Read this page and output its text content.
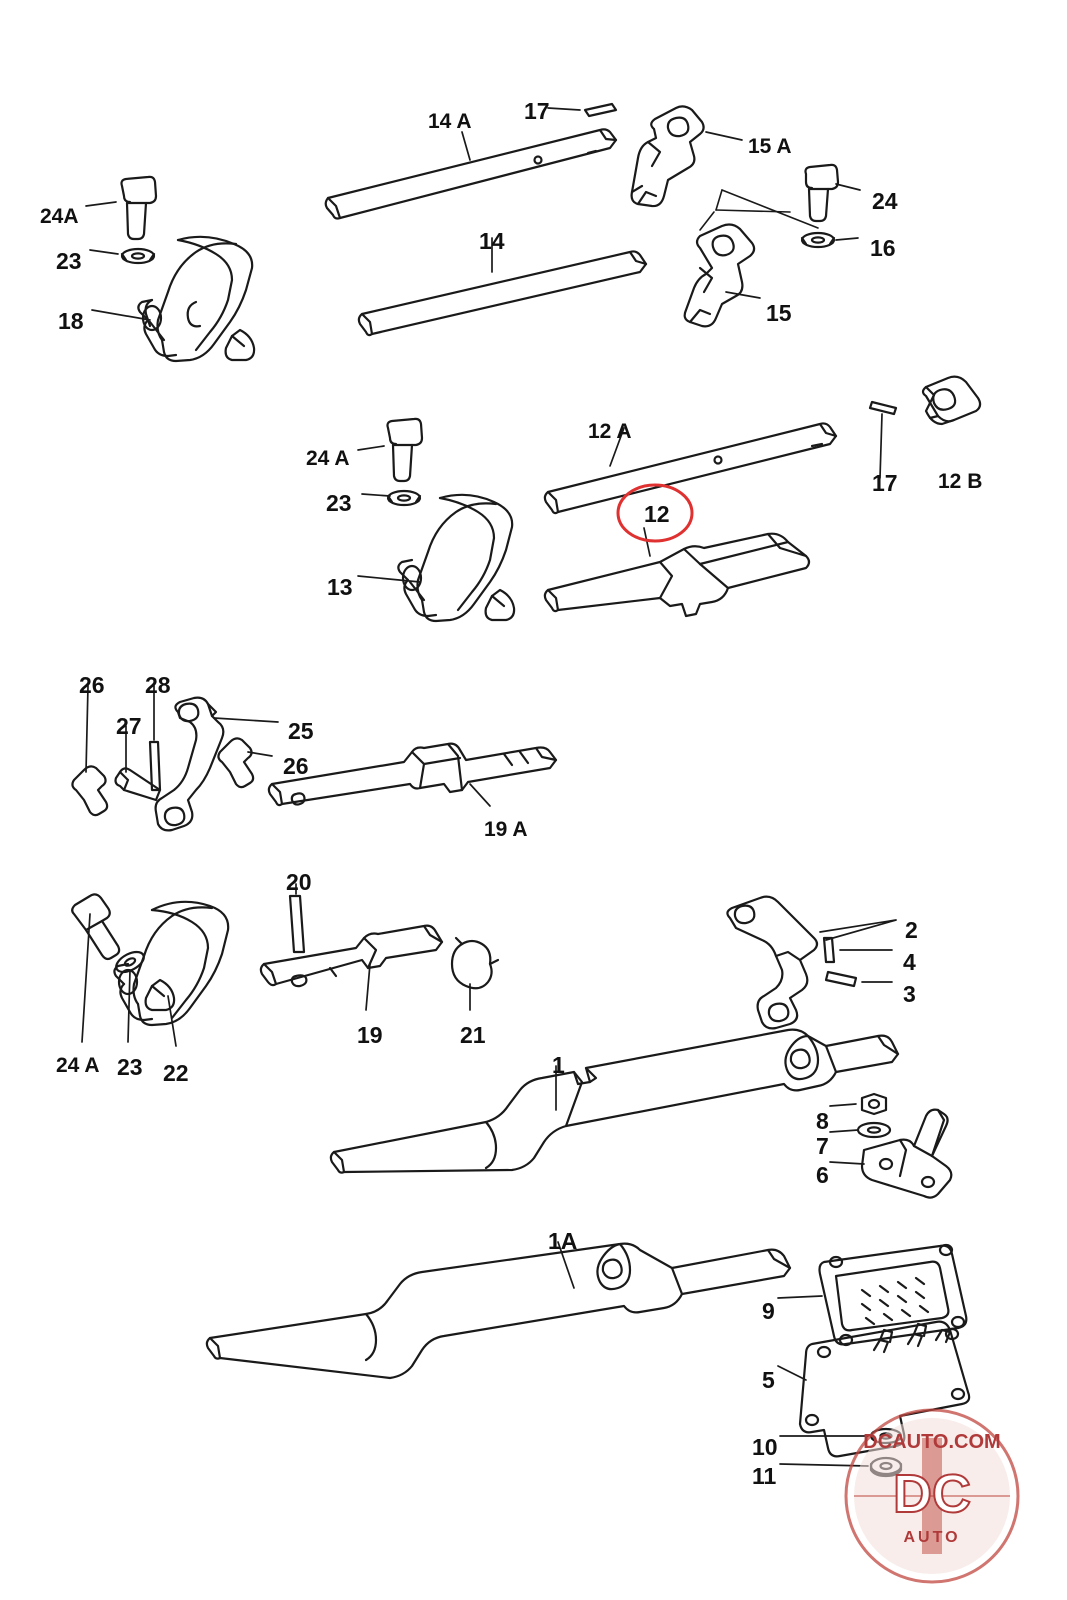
14 A 17
15 A
24A
24
23	16
14
15
18
12 A
24 A
17 12 B
23	12
13
26 28
27	25
26
19 A
20
2
4
3
19	21
1
24 A 23 22
8
7
6
1A
9
5
10
11
DCAUTO.COM
DC
AUTO
